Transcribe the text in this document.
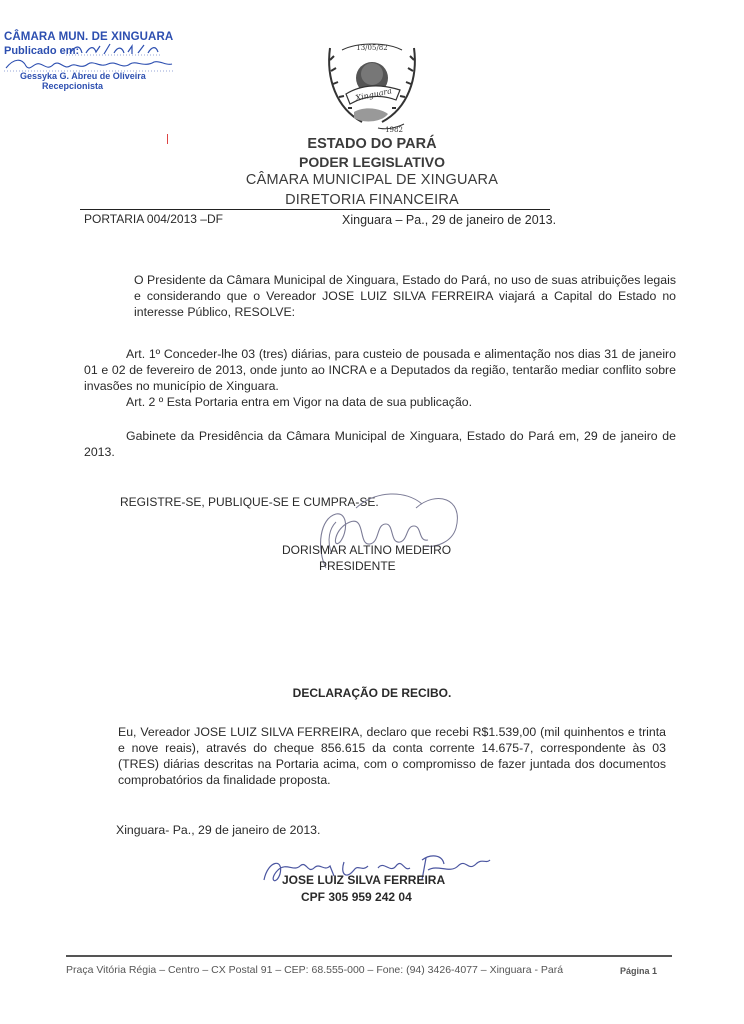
CÂMARA MUN. DE XINGUARA
Publicado em:
Gessyka G. Abreu de Oliveira
Recepcionista
13/05/82
Xinguara
1982
ESTADO DO PARÁ
PODER LEGISLATIVO
CÂMARA MUNICIPAL DE XINGUARA
DIRETORIA FINANCEIRA
PORTARIA 004/2013 –DF	Xinguara – Pa., 29 de janeiro de 2013.
O Presidente da Câmara Municipal de Xinguara, Estado do Pará, no uso de suas atribuições legais e considerando que o Vereador JOSE LUIZ SILVA FERREIRA viajará a Capital do Estado no interesse Público, RESOLVE:
Art. 1º Conceder-lhe 03 (tres) diárias, para custeio de pousada e alimentação nos dias 31 de janeiro 01 e 02 de fevereiro de 2013, onde junto ao INCRA e a Deputados da região, tentarão mediar conflito sobre invasões no município de Xinguara.
Art. 2 º Esta Portaria entra em Vigor na data de sua publicação.
Gabinete da Presidência da Câmara Municipal de Xinguara, Estado do Pará em, 29 de janeiro de 2013.
REGISTRE-SE, PUBLIQUE-SE E CUMPRA-SE.
DORISMAR ALTINO MEDEIRO
PRESIDENTE
DECLARAÇÃO DE RECIBO.
Eu, Vereador JOSE LUIZ SILVA FERREIRA, declaro que recebi R$1.539,00 (mil quinhentos e trinta e nove reais), através do cheque 856.615 da conta corrente 14.675-7, correspondente às 03 (TRES) diárias descritas na Portaria acima, com o compromisso de fazer juntada dos documentos comprobatórios da finalidade proposta.
Xinguara- Pa., 29 de janeiro de 2013.
JOSE LUIZ SILVA FERREIRA
CPF 305 959 242 04
Praça Vitória Régia – Centro – CX Postal 91 – CEP: 68.555-000 – Fone: (94) 3426-4077 – Xinguara - Pará	Página 1
